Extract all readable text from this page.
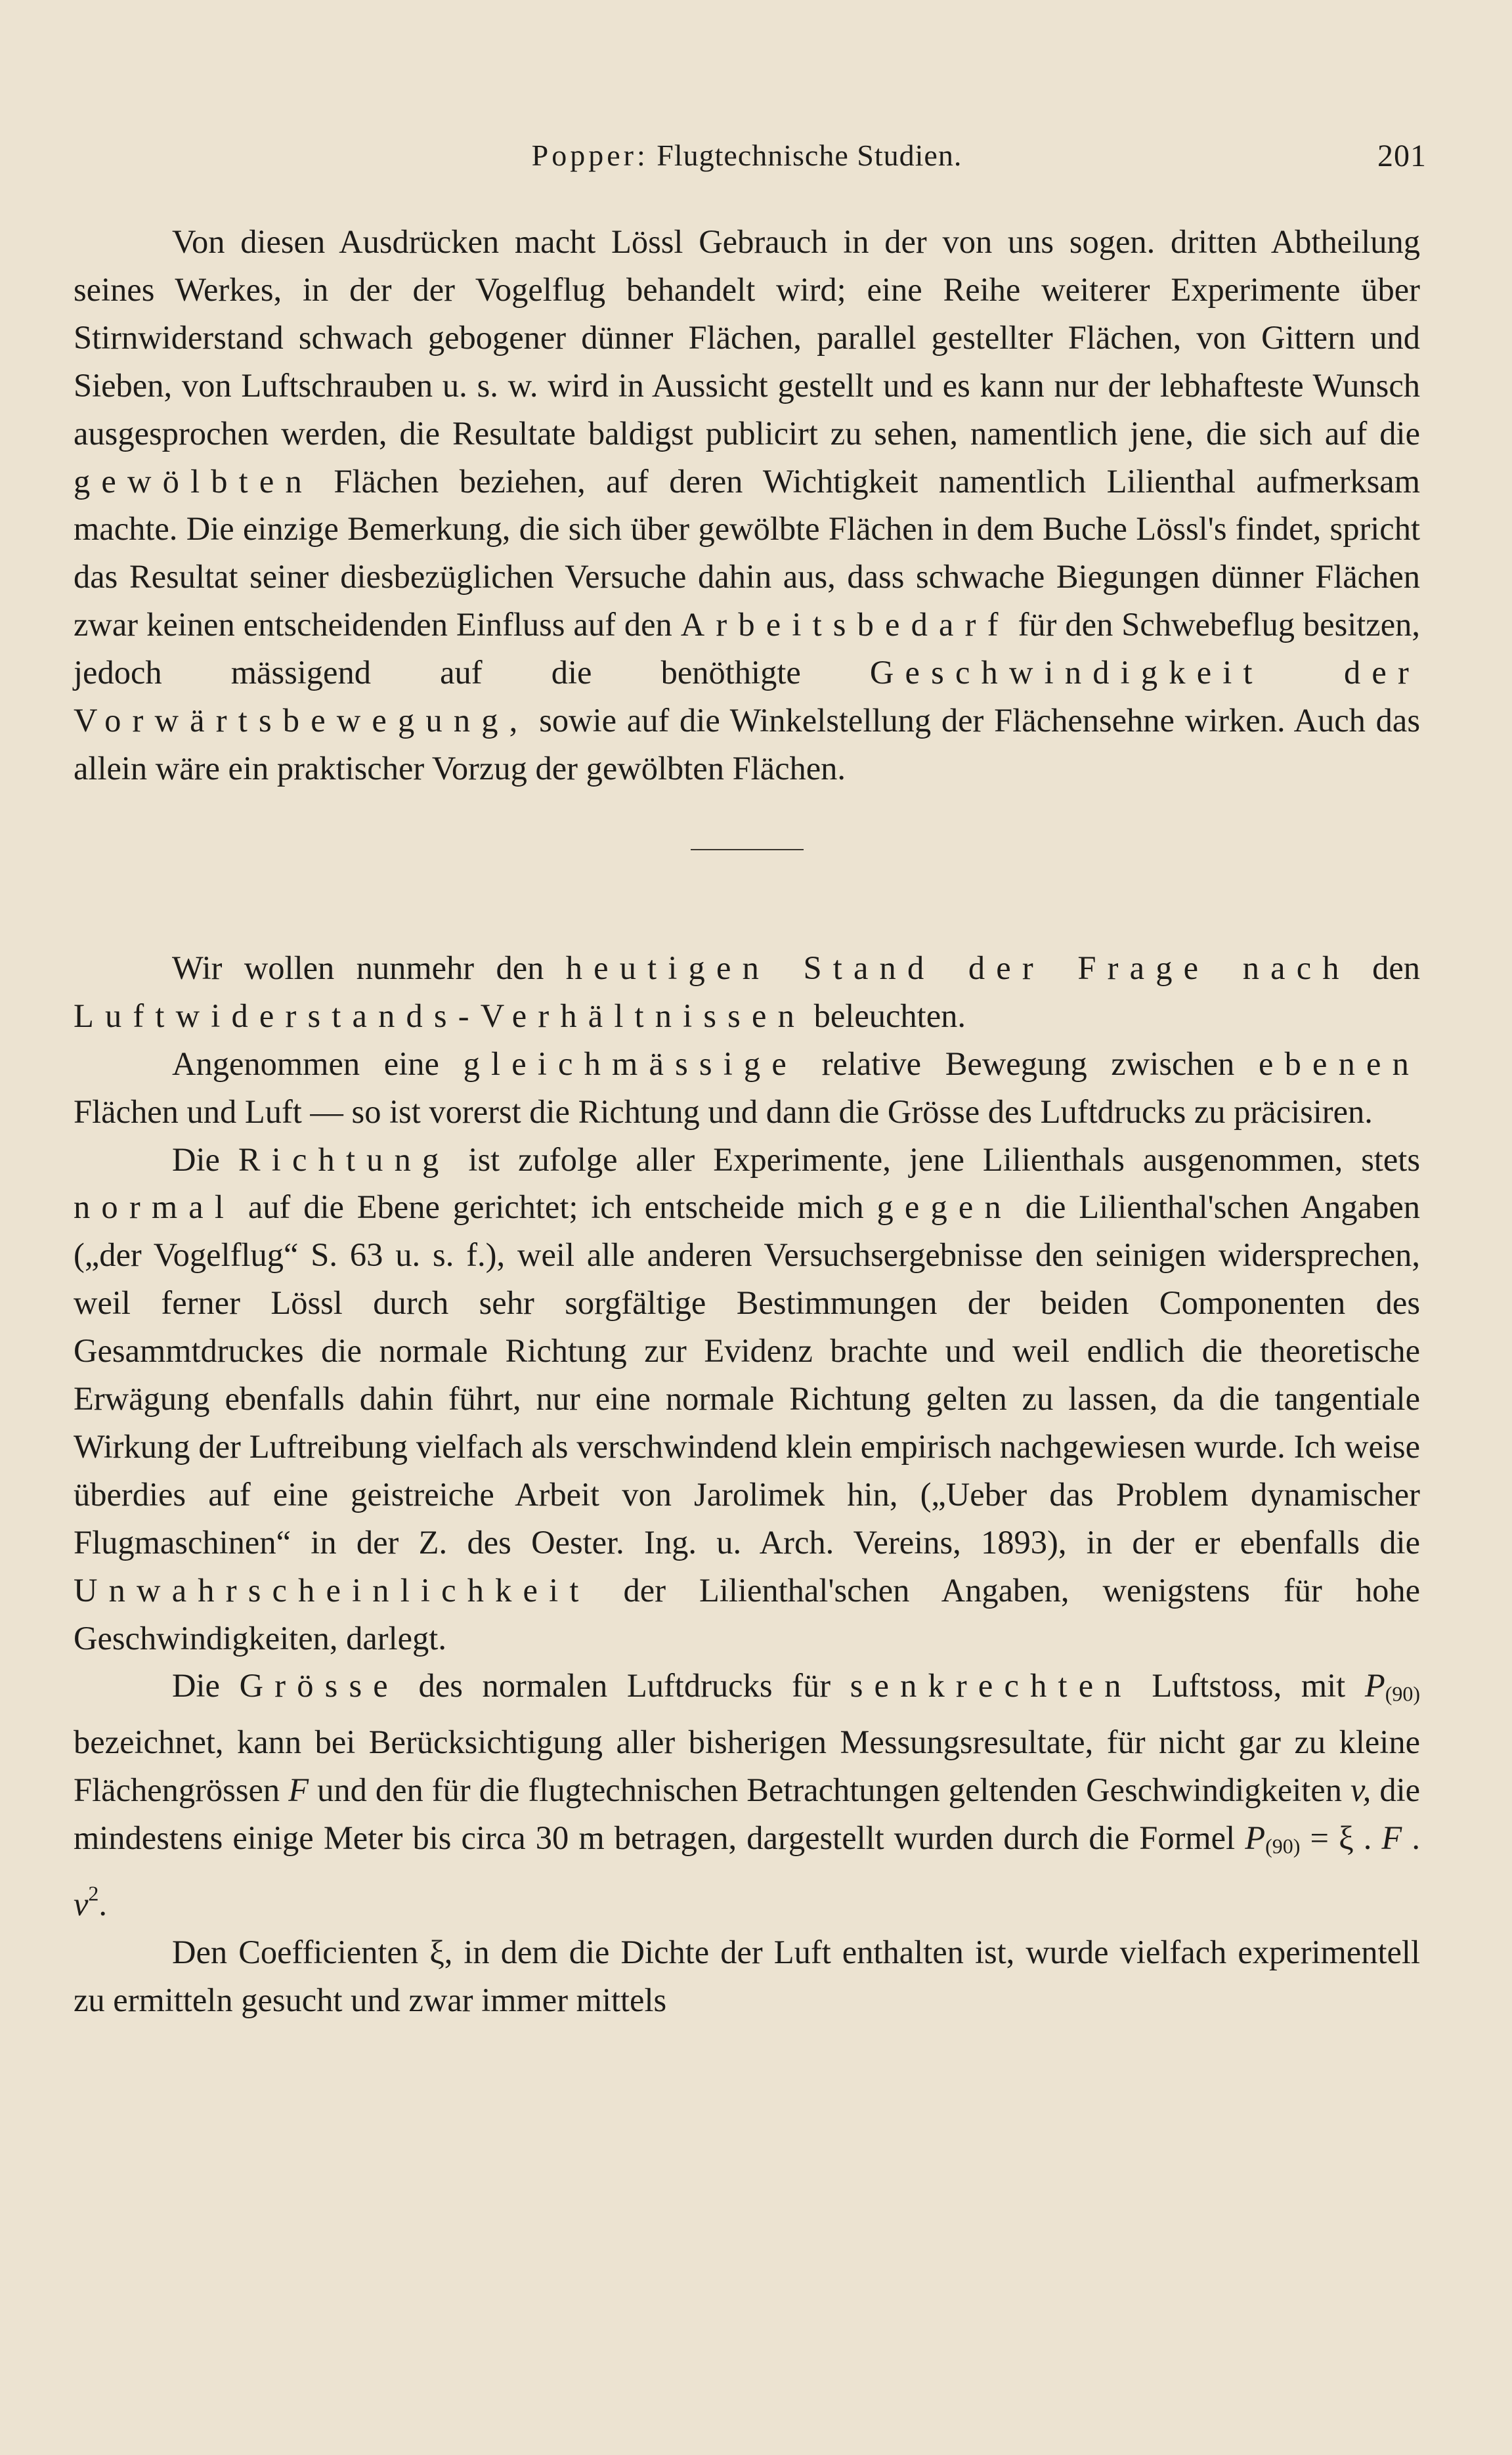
Popper: Flugtechnische Studien.	201

Von diesen Ausdrücken macht Lössl Gebrauch in der von uns sogen. dritten Abtheilung seines Werkes, in der der Vogelflug behandelt wird; eine Reihe weiterer Experimente über Stirnwiderstand schwach gebogener dünner Flächen, parallel gestellter Flächen, von Gittern und Sieben, von Luftschrauben u. s. w. wird in Aussicht gestellt und es kann nur der lebhafteste Wunsch ausgesprochen werden, die Resultate baldigst publicirt zu sehen, namentlich jene, die sich auf die gewölbten Flächen beziehen, auf deren Wichtigkeit namentlich Lilienthal aufmerksam machte. Die einzige Bemerkung, die sich über gewölbte Flächen in dem Buche Lössl's findet, spricht das Resultat seiner diesbezüglichen Versuche dahin aus, dass schwache Biegungen dünner Flächen zwar keinen entscheidenden Einfluss auf den Arbeitsbedarf für den Schwebeflug besitzen, jedoch mässigend auf die benöthigte Geschwindigkeit der Vorwärtsbewegung, sowie auf die Winkelstellung der Flächensehne wirken. Auch das allein wäre ein praktischer Vorzug der gewölbten Flächen.

Wir wollen nunmehr den heutigen Stand der Frage nach den Luftwiderstands-Verhältnissen beleuchten.

Angenommen eine gleichmässige relative Bewegung zwischen ebenen Flächen und Luft — so ist vorerst die Richtung und dann die Grösse des Luftdrucks zu präcisiren.

Die Richtung ist zufolge aller Experimente, jene Lilienthals ausgenommen, stets normal auf die Ebene gerichtet; ich entscheide mich gegen die Lilienthal'schen Angaben („der Vogelflug“ S. 63 u. s. f.), weil alle anderen Versuchsergebnisse den seinigen widersprechen, weil ferner Lössl durch sehr sorgfältige Bestimmungen der beiden Componenten des Gesammtdruckes die normale Richtung zur Evidenz brachte und weil endlich die theoretische Erwägung ebenfalls dahin führt, nur eine normale Richtung gelten zu lassen, da die tangentiale Wirkung der Luftreibung vielfach als verschwindend klein empirisch nachgewiesen wurde. Ich weise überdies auf eine geistreiche Arbeit von Jarolimek hin, („Ueber das Problem dynamischer Flugmaschinen“ in der Z. des Oester. Ing. u. Arch. Vereins, 1893), in der er ebenfalls die Unwahrscheinlichkeit der Lilienthal'schen Angaben, wenigstens für hohe Geschwindigkeiten, darlegt.

Die Grösse des normalen Luftdrucks für senkrechten Luftstoss, mit $P_{(90)}$ bezeichnet, kann bei Berücksichtigung aller bisherigen Messungsresultate, für nicht gar zu kleine Flächengrössen F und den für die flugtechnischen Betrachtungen geltenden Geschwindigkeiten v, die mindestens einige Meter bis circa 30 m betragen, dargestellt wurden durch die Formel $P_{(90)} = \xi$ . F . $v^2$.

Den Coefficienten ξ, in dem die Dichte der Luft enthalten ist, wurde vielfach experimentell zu ermitteln gesucht und zwar immer mittels
